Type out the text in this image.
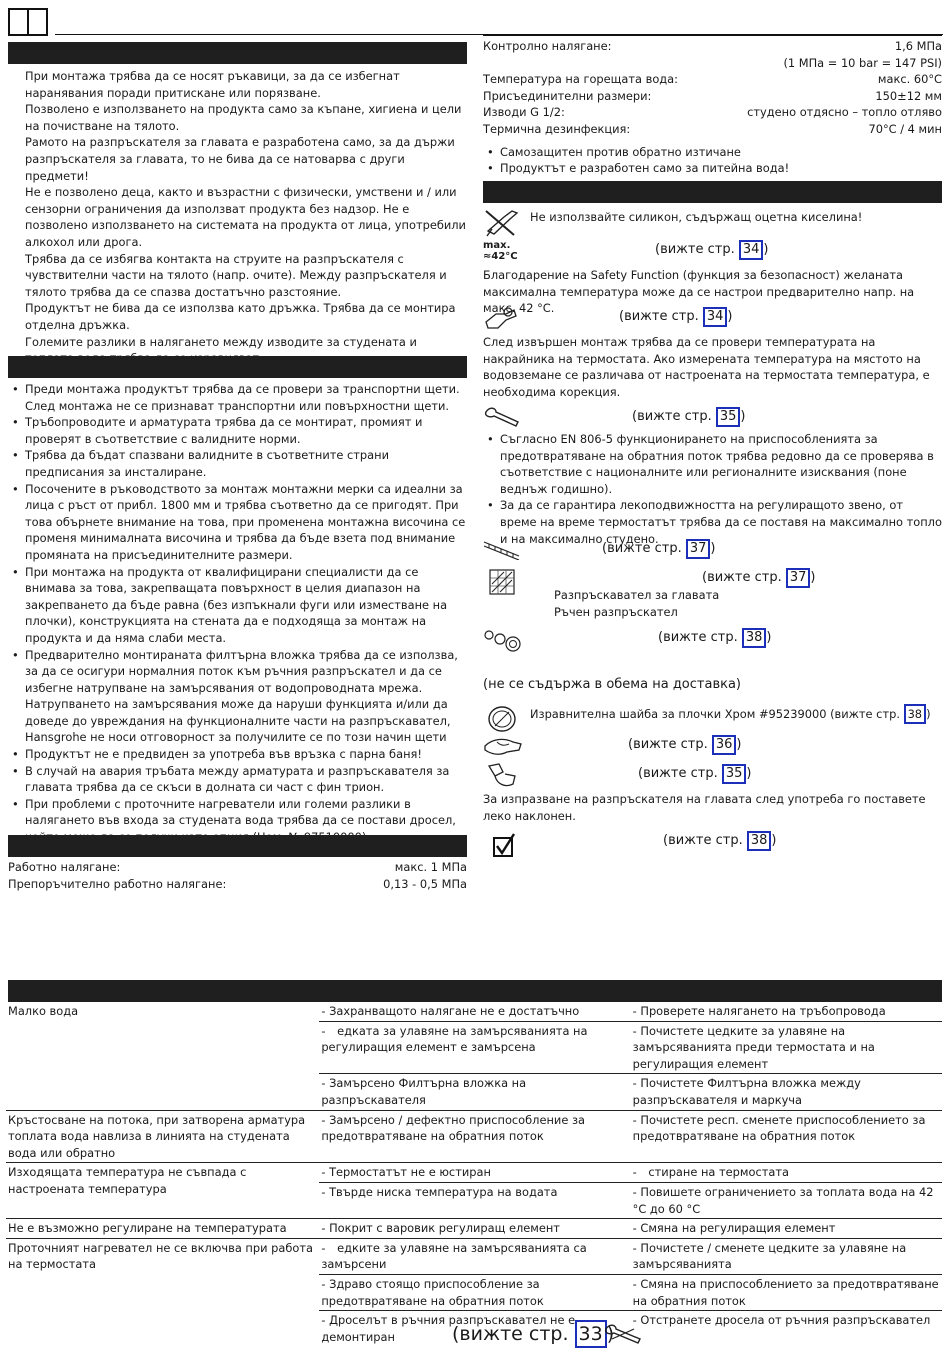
При монтажа трябва да се носят ръкавици, за да се избегнат наранявания поради притискане или порязване.

Позволено е използването на продукта само за къпане, хигиена и цели на почистване на тялото.

Рамото на разпръскателя за главата е разработена само, за да държи разпръскателя за главата, то не бива да се натоварва с други предмети!

Не е позволено деца, както и възрастни с физически, умствени и / или сензорни ограничения да използват продукта без надзор. Не е позволено използването на системата на продукта от лица, употребили алкохол или дрога.

Трябва да се избягва контакта на струите на разпръскателя с чувствителни части на тялото (напр. очите). Между разпръскателя и тялото трябва да се спазва достатъчно разстояние.

Продуктът не бива да се използва като дръжка. Трябва да се монтира отделна дръжка.

Големите разлики в налягането между изводите за студената и

• Преди монтажа продуктът трябва да се провери за транспортни щети. След монтажа не се признават транспортни или повърхностни щети.
• Тръбопроводите и арматурата трябва да се монтират, промият и проверят в съответствие с валидните норми.
• Трябва да бъдат спазвани валидните в съответните страни предписания за инсталиране.
• Посочените в ръководството за монтаж монтажни мерки са идеални за лица с ръст от прибл. 1800 мм и трябва съответно да се пригодят. При това обърнете внимание на това, при променена монтажна височина се променя минималната височина и трябва да бъде взета под внимание промяната на присъединителните размери.
• При монтажа на продукта от квалифицирани специалисти да се внимава за това, закрепващата повърхност в целия диапазон на закрепването да бъде равна (без изпъкнали фуги или изместване на плочки), конструкцията на стената да е подходяща за монтаж на продукта и да няма слаби места.
• Предварително монтираната филтърна вложка трябва да се използва, за да се осигури нормалния поток към ръчния разпръскател и да се избегне натрупване на замърсявания от водопроводната мрежа. Натрупването на замърсявания може да наруши функцията и/или да доведе до увреждания на функционалните части на разпръскавател, Hansgrohe не носи отговорност за получилите се по този начин щети
• Продуктът не е предвиден за употреба във връзка с парна баня!
• В случай на авария тръбата между арматурата и разпръскавателя за главата трябва да се скъси в долната си част с фин трион.
• При проблеми с проточните нагреватели или големи разлики в налягането във входа за студената вода трябва да се постави дросел,
Работно налягане:	макс. 1 МПа
Препоръчително работно налягане:	0,13 - 0,5 МПа
Контролно налягане:	1,6 МПа
(1 МПа = 10 bar = 147 PSI)
Температура на горещата вода:	макс. 60°C
Присъединителни размери:	150±12 мм
Изводи G 1/2:	студено отдясно – топло отляво
Термична дезинфекция:	70°C / 4 мин
• Самозащитен против обратно изтичане
• Продуктът е разработен само за питейна вода!
Не използвайте силикон, съдържащ оцетна киселина!
max.
≈42°C	(вижте стр. 34 )
Благодарение на Safety Function (функция за безопасност) желаната максимална температура може да се настрои предварително напр. на макс. 42 °C.
(вижте стр. 34 )
След извършен монтаж трябва да се провери температурата на накрайника на термостата. Ако измерената температура на мястото на водовземане се различава от настроената на термостата температура, е необходима корекция.
(вижте стр. 35 )
• Съгласно EN 806-5 функционирането на приспособленията за предотвратяване на обратния поток трябва редовно да се проверява в съответствие с националните или регионалните изисквания (поне веднъж годишно).
• За да се гарантира лекоподвижността на регулиращото звено, от време на време термостатът трябва да се поставя на максимално топло и на максимално студено.
(вижте стр. 37 )
(вижте стр. 37 )
Разпръскавател за главата
Ръчен разпръскател
(вижте стр. 38 )
(не се съдържа в обема на доставка)
Изравнителна шайба за плочки Хром #95239000 (вижте стр. 38 )
(вижте стр. 36 )
(вижте стр. 35 )
За изпразване на разпръскателя на главата след употреба го поставете леко наклонен.
(вижте стр. 38 )
Малко вода	- Захранващото налягане не е достатъчно	- Проверете налягането на тръбопровода
	- едката за улавяне на замърсяванията на регулиращия елемент е замърсена	- Почистете цедките за улавяне на замърсяванията преди термостата и на регулиращия елемент
	- Замърсено Филтърна вложка на разпръскавателя	- Почистете Филтърна вложка между разпръскавателя и маркуча
Кръстосване на потока, при затворена арматура топлата вода навлиза в линията на студената вода или обратно	- Замърсено / дефектно приспособление за предотвратяване на обратния поток	- Почистете респ. сменете приспособлението за предотвратяване на обратния поток
Изходящата температура не съвпада с настроената температура	- Термостатът не е юстиран	- стиране на термостата
	- Твърде ниска температура на водата	- Повишете ограничението за топлата вода на 42 °C до 60 °C
Не е възможно регулиране на температурата	- Покрит с варовик регулиращ елемент	- Смяна на регулиращия елемент
Проточният нагревател не се включва при работа на термостата	- едките за улавяне на замърсяванията са замърсени	- Почистете / сменете цедките за улавяне на замърсяванията
	- Здраво стоящо приспособление за предотвратяване на обратния поток	- Смяна на приспособлението за предотвратяване на обратния поток
	- Дроселът в ръчния разпръскавател не е демонтиран	- Отстранете дросела от ръчния разпръскавател
(вижте стр. 33 )
